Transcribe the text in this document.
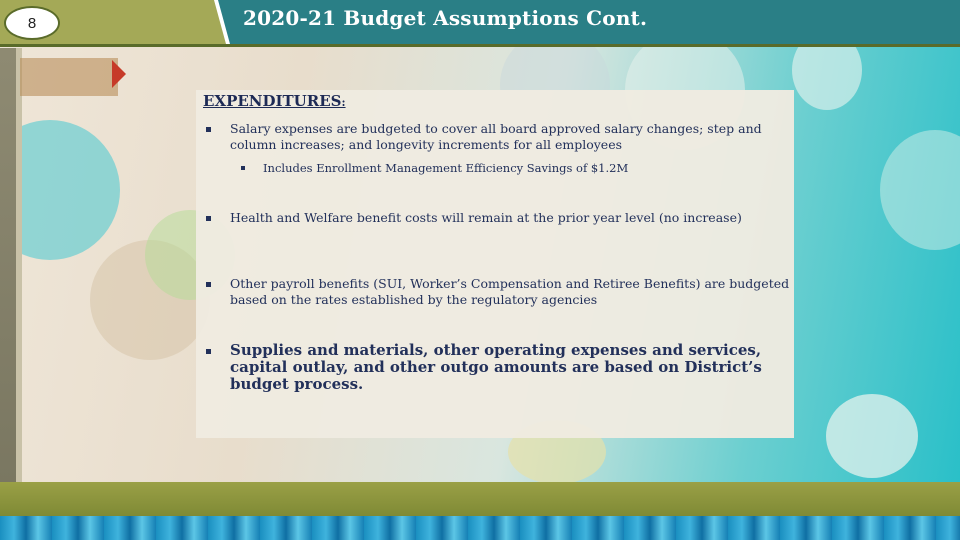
8	2020-21 Budget Assumptions Cont.
EXPENDITURES:
Salary expenses are budgeted to cover all board approved salary changes; step and column increases; and longevity increments for all employees
Includes Enrollment Management Efficiency Savings of $1.2M
Health and Welfare benefit costs will remain at the prior year level (no increase)
Other payroll benefits (SUI, Worker’s Compensation and Retiree Benefits) are budgeted based on the rates established by the regulatory agencies
Supplies and materials, other operating expenses and services, capital outlay, and other outgo amounts are based on District’s budget process.
